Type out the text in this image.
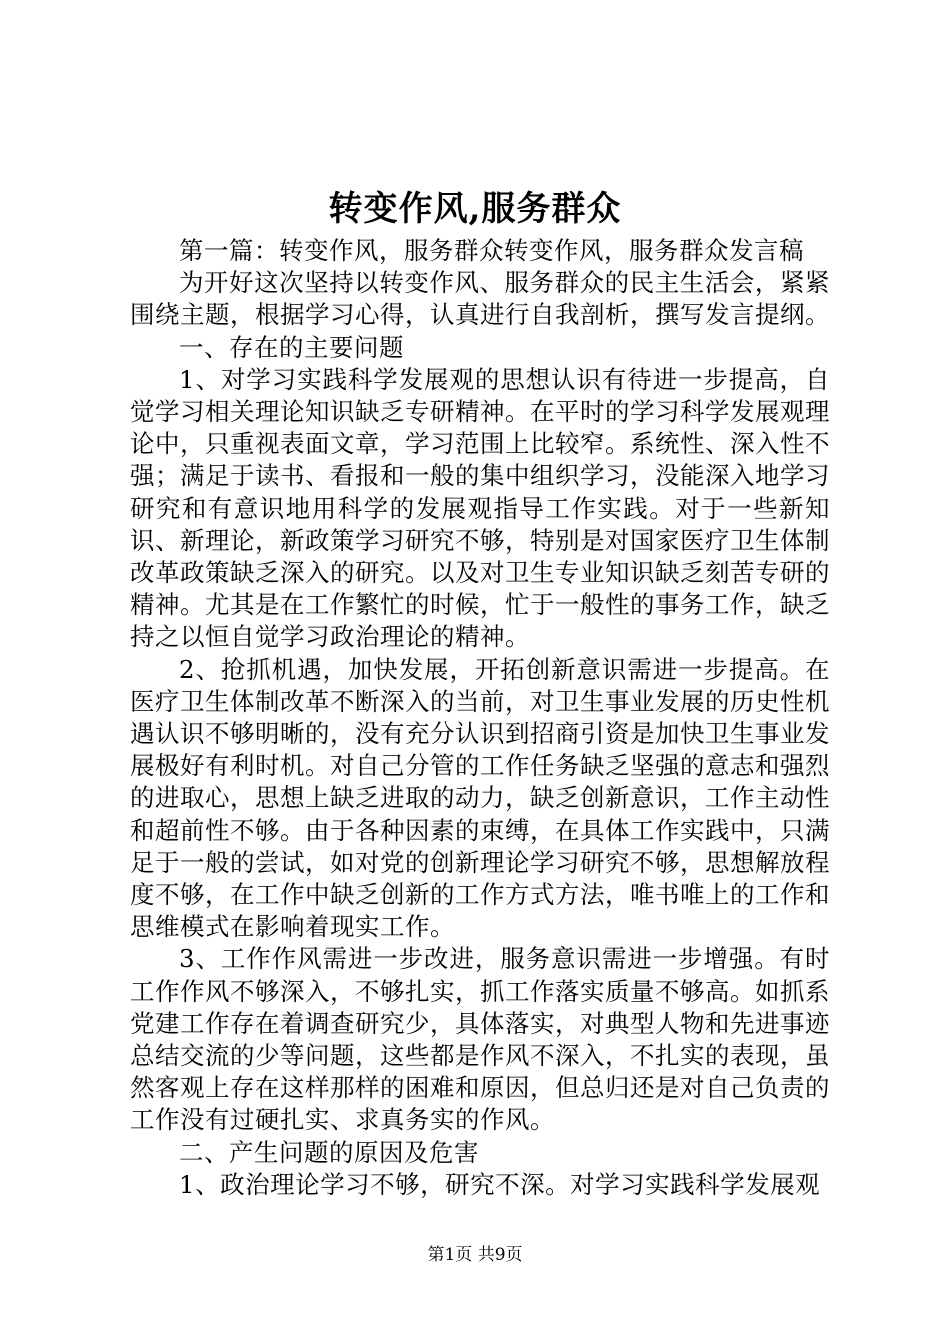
转变作风,服务群众

第一篇：转变作风，服务群众转变作风，服务群众发言稿

为开好这次坚持以转变作风、服务群众的民主生活会，紧紧围绕主题，根据学习心得，认真进行自我剖析，撰写发言提纲。

一、存在的主要问题

1、对学习实践科学发展观的思想认识有待进一步提高，自觉学习相关理论知识缺乏专研精神。在平时的学习科学发展观理论中，只重视表面文章，学习范围上比较窄。系统性、深入性不强；满足于读书、看报和一般的集中组织学习，没能深入地学习研究和有意识地用科学的发展观指导工作实践。对于一些新知识、新理论，新政策学习研究不够，特别是对国家医疗卫生体制改革政策缺乏深入的研究。以及对卫生专业知识缺乏刻苦专研的精神。尤其是在工作繁忙的时候，忙于一般性的事务工作，缺乏持之以恒自觉学习政治理论的精神。

2、抢抓机遇，加快发展，开拓创新意识需进一步提高。在医疗卫生体制改革不断深入的当前，对卫生事业发展的历史性机遇认识不够明晰的，没有充分认识到招商引资是加快卫生事业发展极好有利时机。对自己分管的工作任务缺乏坚强的意志和强烈的进取心，思想上缺乏进取的动力，缺乏创新意识，工作主动性和超前性不够。由于各种因素的束缚，在具体工作实践中，只满足于一般的尝试，如对党的创新理论学习研究不够，思想解放程度不够，在工作中缺乏创新的工作方式方法，唯书唯上的工作和思维模式在影响着现实工作。

3、工作作风需进一步改进，服务意识需进一步增强。有时工作作风不够深入，不够扎实，抓工作落实质量不够高。如抓系党建工作存在着调查研究少，具体落实，对典型人物和先进事迹总结交流的少等问题，这些都是作风不深入，不扎实的表现，虽然客观上存在这样那样的困难和原因，但总归还是对自己负责的工作没有过硬扎实、求真务实的作风。

二、产生问题的原因及危害

1、政治理论学习不够，研究不深。对学习实践科学发展观

第1页 共9页
